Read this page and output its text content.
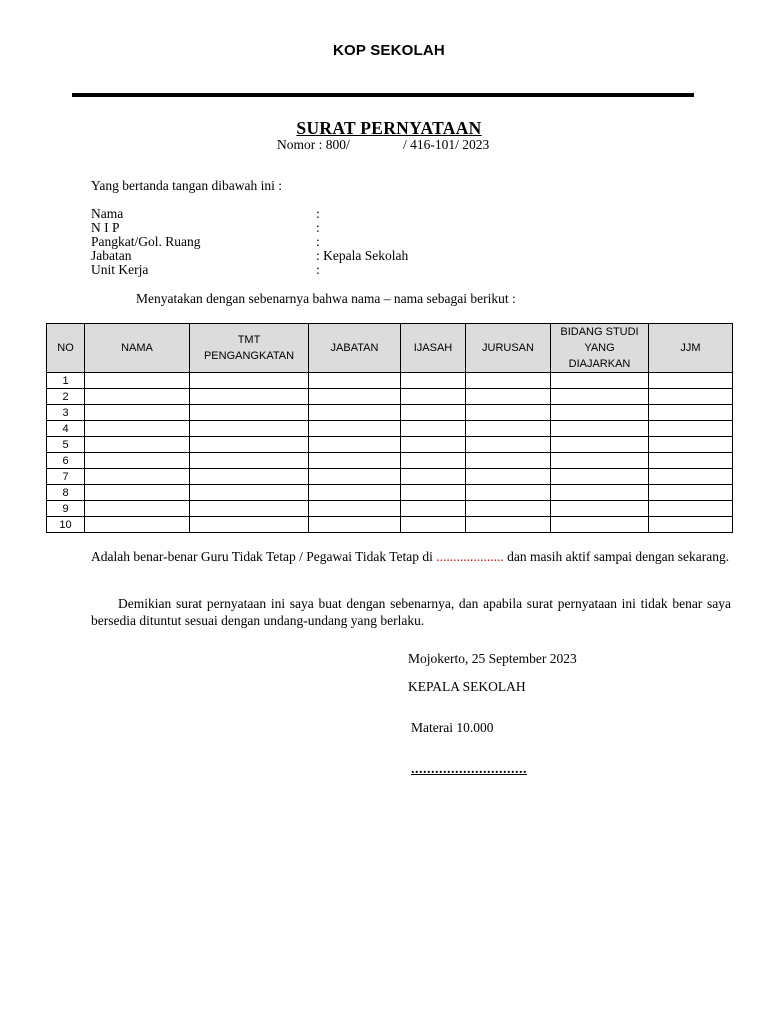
KOP SEKOLAH
SURAT PERNYATAAN
Nomor : 800/	/ 416-101/ 2023
Yang bertanda tangan dibawah ini :
Nama	:
N I P	:
Pangkat/Gol. Ruang	:
Jabatan	: Kepala Sekolah
Unit Kerja	:
Menyatakan dengan sebenarnya bahwa nama – nama sebagai berikut :
NO	NAMA	TMT PENGANGKATAN	JABATAN	IJASAH	JURUSAN	BIDANG STUDI YANG DIAJARKAN	JJM
1							
2							
3							
4							
5							
6							
7							
8							
9							
10							
Adalah benar-benar Guru Tidak Tetap / Pegawai Tidak Tetap di .................... dan masih aktif sampai dengan sekarang.
Demikian surat pernyataan ini saya buat dengan sebenarnya, dan apabila surat pernyataan ini tidak benar saya bersedia dituntut sesuai dengan undang-undang yang berlaku.
Mojokerto, 25 September 2023
KEPALA SEKOLAH
Materai 10.000
.............................
